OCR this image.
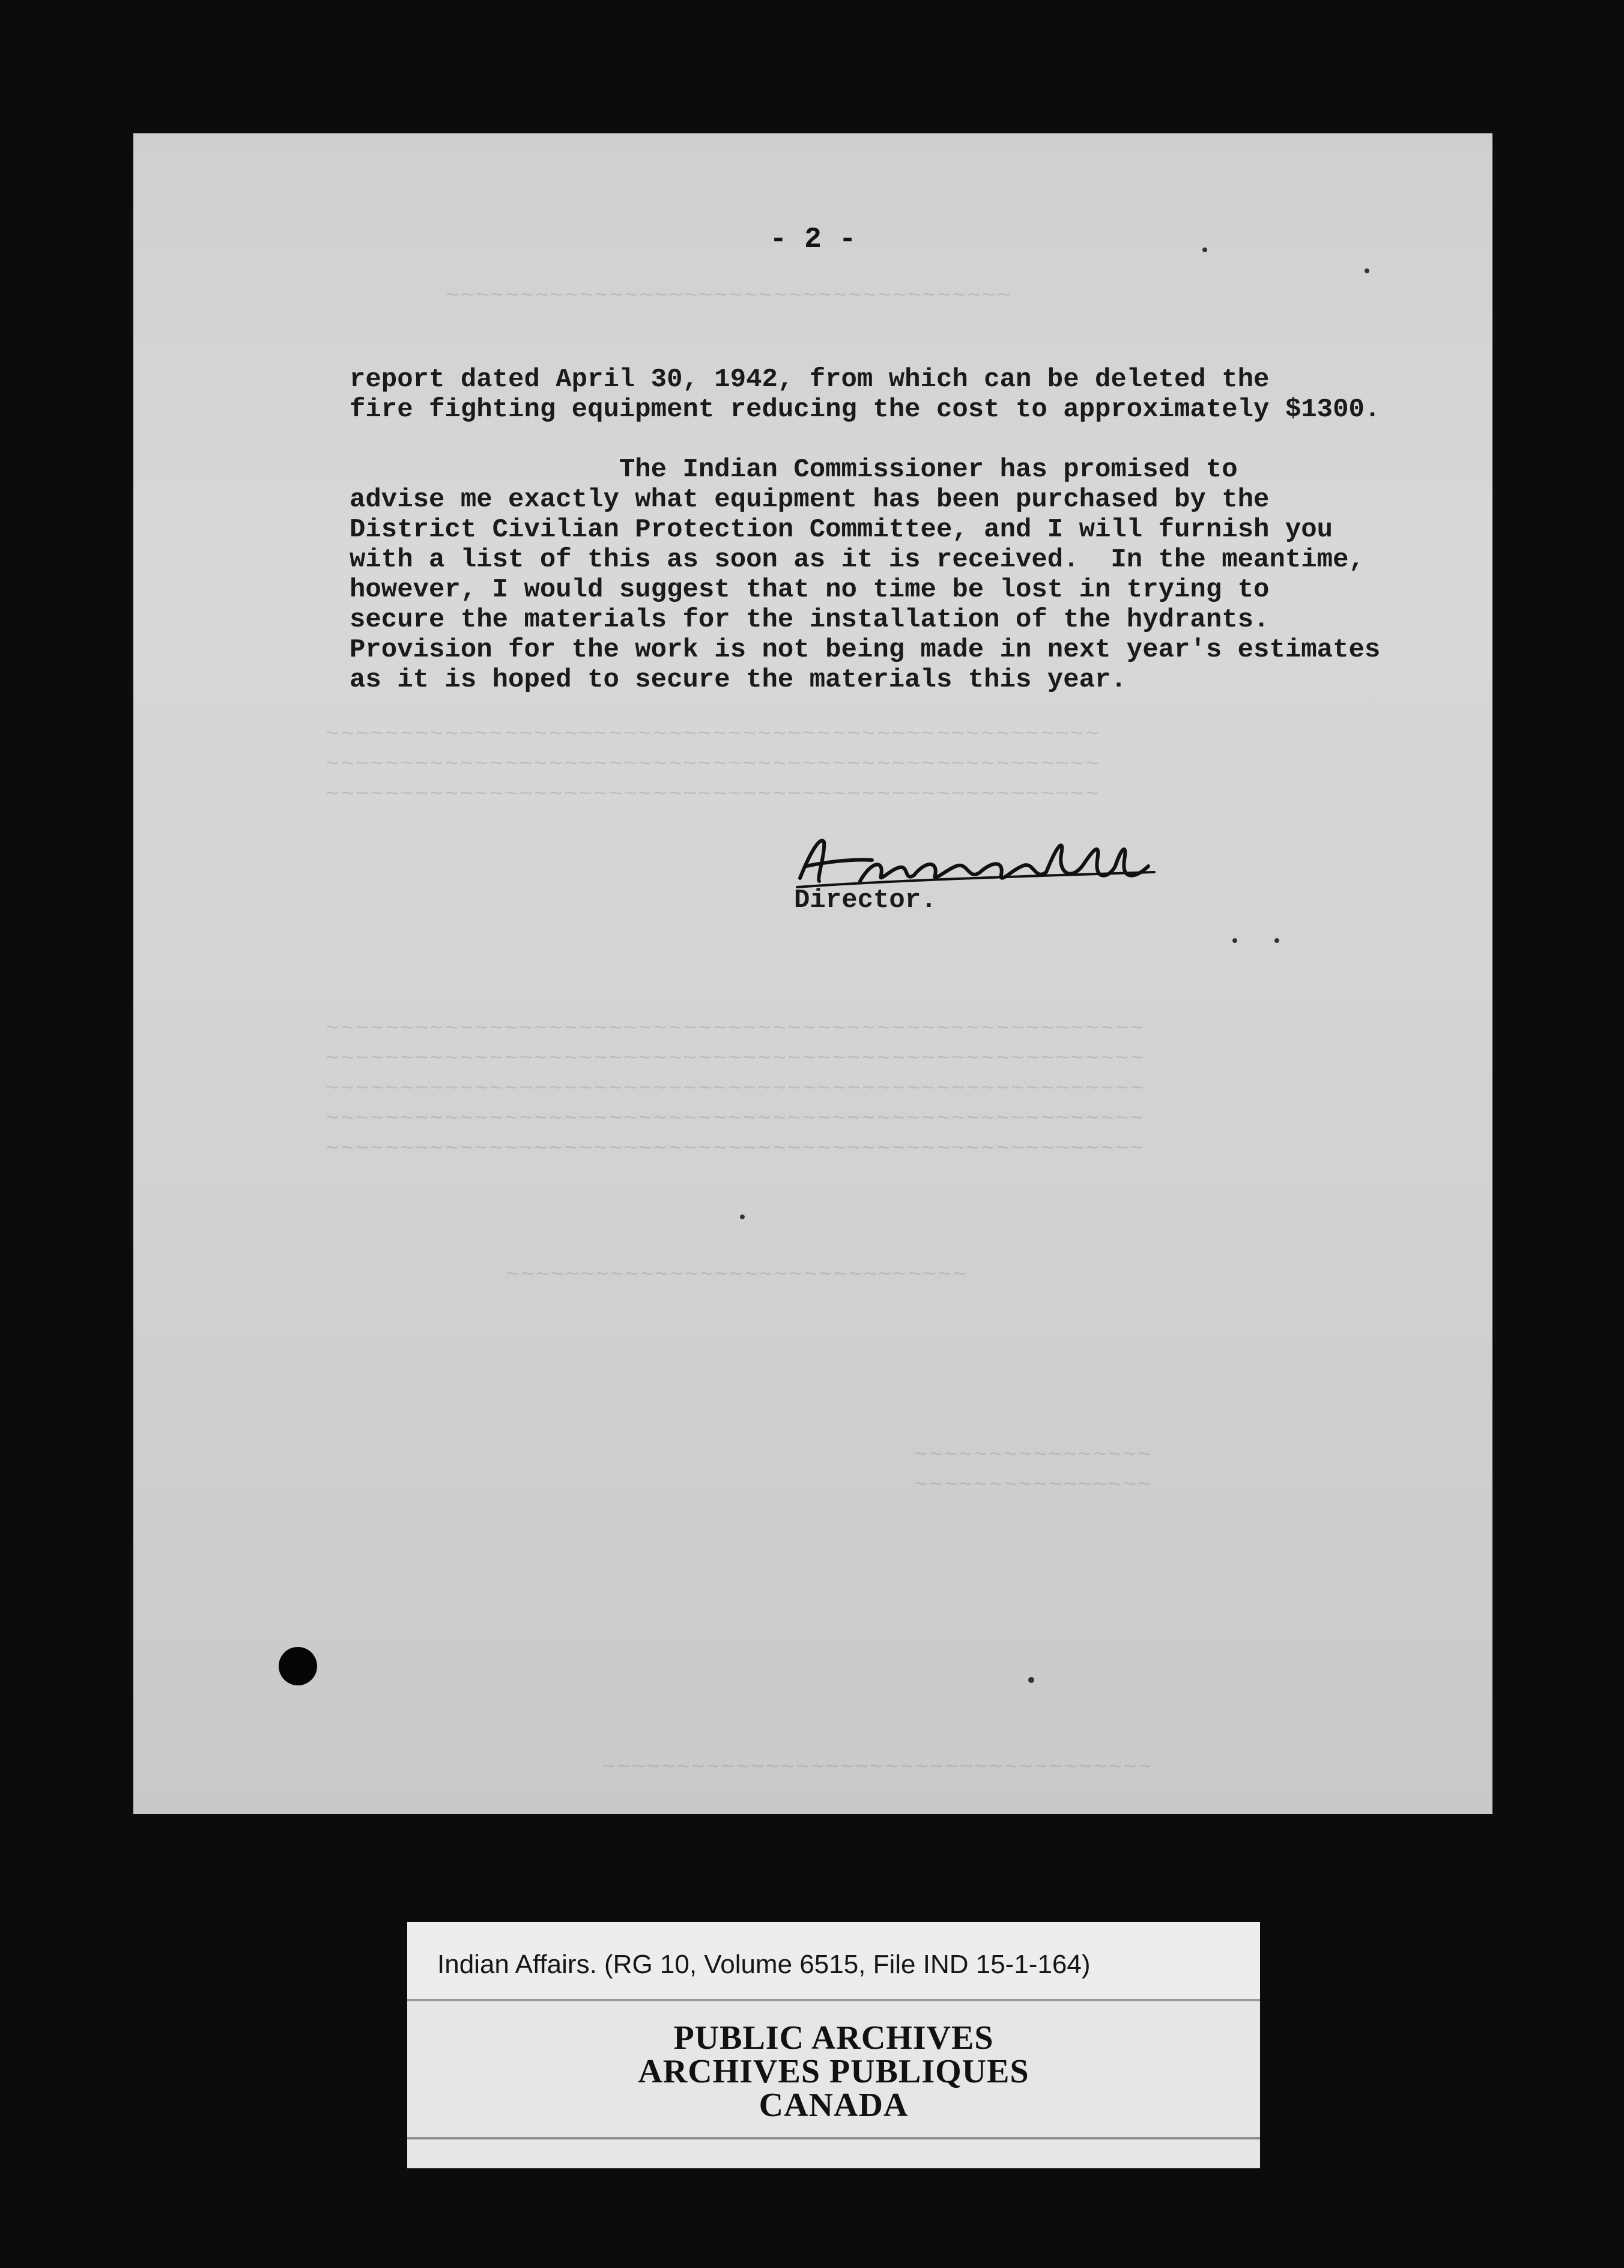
~~~~~~~~~~~~~~~~~~~~~~~~~~~~~~~~~~~~~~
~~~~~~~~~~~~~~~~~~~~~~~~~~~~~~~~~~~~~~~~~~~~~~~~~~~~
~~~~~~~~~~~~~~~~~~~~~~~~~~~~~~~~~~~~~~~~~~~~~~~~~~~~
~~~~~~~~~~~~~~~~~~~~~~~~~~~~~~~~~~~~~~~~~~~~~~~~~~~~
~~~~~~~~~~~~~~~~~~~~~~~~~~~~~~~~~~~~~~~~~~~~~~~~~~~~~~~
~~~~~~~~~~~~~~~~~~~~~~~~~~~~~~~~~~~~~~~~~~~~~~~~~~~~~~~
~~~~~~~~~~~~~~~~~~~~~~~~~~~~~~~~~~~~~~~~~~~~~~~~~~~~~~~
~~~~~~~~~~~~~~~~~~~~~~~~~~~~~~~~~~~~~~~~~~~~~~~~~~~~~~~
~~~~~~~~~~~~~~~~~~~~~~~~~~~~~~~~~~~~~~~~~~~~~~~~~~~~~~~
~~~~~~~~~~~~~~~~~~~~~~~~~~~~~~~
~~~~~~~~~~~~~~~~
~~~~~~~~~~~~~~~~
~~~~~~~~~~~~~~~~~~~~~~~~~~~~~~~~~~~~~
- 2 -
report dated April 30, 1942, from which can be deleted the
fire fighting equipment reducing the cost to approximately $1300.
The Indian Commissioner has promised to
advise me exactly what equipment has been purchased by the
District Civilian Protection Committee, and I will furnish you
with a list of this as soon as it is received.  In the meantime,
however, I would suggest that no time be lost in trying to
secure the materials for the installation of the hydrants.
Provision for the work is not being made in next year's estimates
as it is hoped to secure the materials this year.
Director.
Indian Affairs. (RG 10, Volume 6515, File IND 15-1-164)
PUBLIC ARCHIVES
ARCHIVES PUBLIQUES
CANADA
